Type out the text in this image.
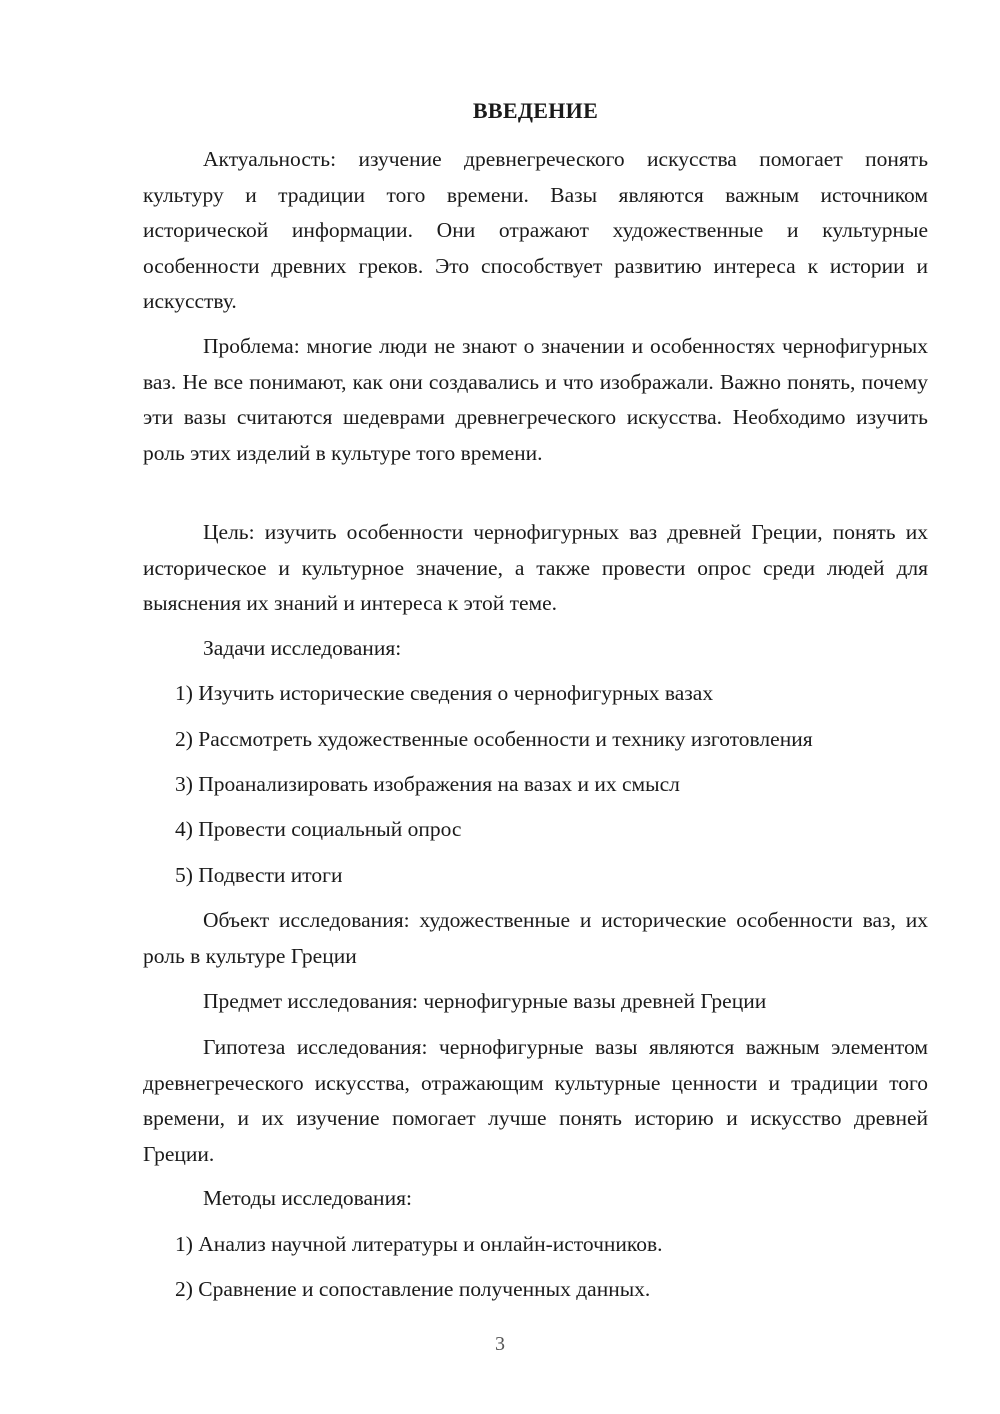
ВВЕДЕНИЕ

Актуальность: изучение древнегреческого искусства помогает понять культуру и традиции того времени. Вазы являются важным источником исторической информации. Они отражают художественные и культурные особенности древних греков. Это способствует развитию интереса к истории и искусству.

Проблема: многие люди не знают о значении и особенностях чернофигурных ваз. Не все понимают, как они создавались и что изображали. Важно понять, почему эти вазы считаются шедеврами древнегреческого искусства. Необходимо изучить роль этих изделий в культуре того времени.

Цель: изучить особенности чернофигурных ваз древней Греции, понять их историческое и культурное значение, а также провести опрос среди людей для выяснения их знаний и интереса к этой теме.

Задачи исследования:

1) Изучить исторические сведения о чернофигурных вазах

2) Рассмотреть художественные особенности и технику изготовления

3) Проанализировать изображения на вазах и их смысл

4) Провести социальный опрос

5) Подвести итоги

Объект исследования: художественные и исторические особенности ваз, их роль в культуре Греции

Предмет исследования: чернофигурные вазы древней Греции

Гипотеза исследования: чернофигурные вазы являются важным элементом древнегреческого искусства, отражающим культурные ценности и традиции того времени, и их изучение помогает лучше понять историю и искусство древней Греции.

Методы исследования:

1) Анализ научной литературы и онлайн-источников.

2) Сравнение и сопоставление полученных данных.

3
